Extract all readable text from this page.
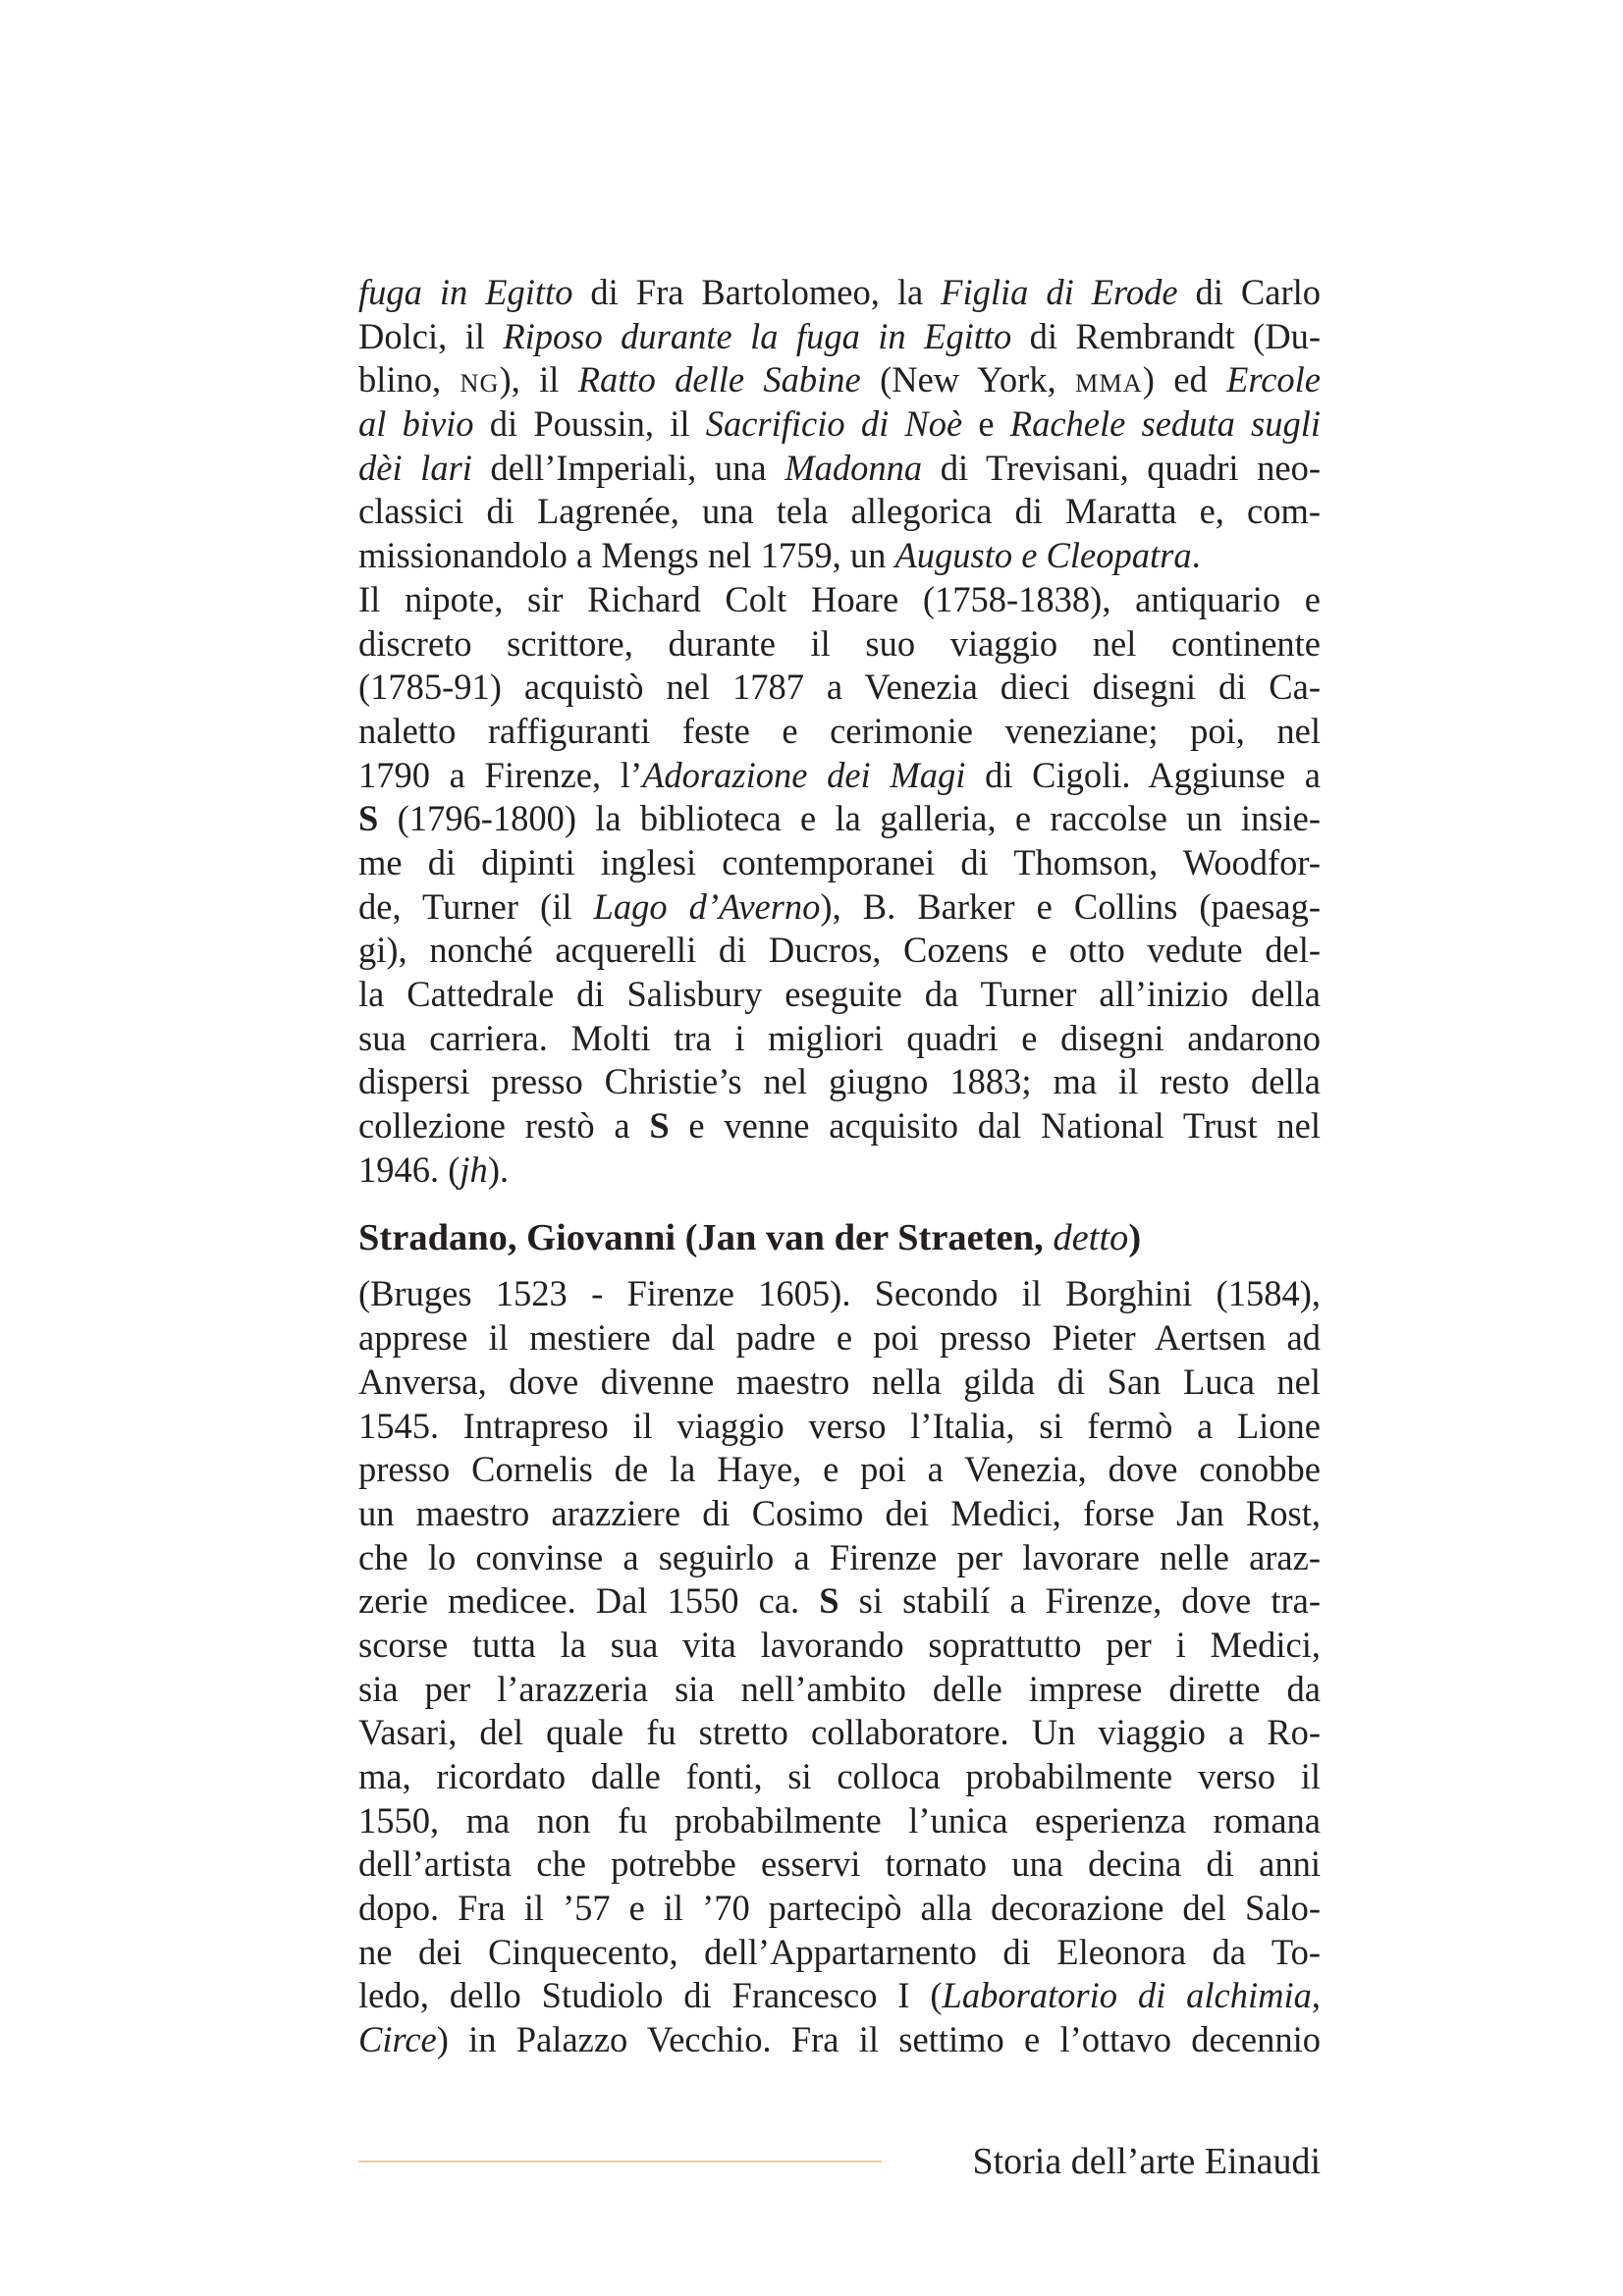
fuga in Egitto di Fra Bartolomeo, la Figlia di Erode di Carlo
Dolci, il Riposo durante la fuga in Egitto di Rembrandt (Du-
blino, NG), il Ratto delle Sabine (New York, MMA) ed Ercole
al bivio di Poussin, il Sacrificio di Noè e Rachele seduta sugli
dèi lari dell’Imperiali, una Madonna di Trevisani, quadri neo-
classici di Lagrenée, una tela allegorica di Maratta e, com-
missionandolo a Mengs nel 1759, un Augusto e Cleopatra.
Il nipote, sir Richard Colt Hoare (1758-1838), antiquario e
discreto scrittore, durante il suo viaggio nel continente
(1785-91) acquistò nel 1787 a Venezia dieci disegni di Ca-
naletto raffiguranti feste e cerimonie veneziane; poi, nel
1790 a Firenze, l’Adorazione dei Magi di Cigoli. Aggiunse a
S (1796-1800) la biblioteca e la galleria, e raccolse un insie-
me di dipinti inglesi contemporanei di Thomson, Woodfor-
de, Turner (il Lago d’Averno), B. Barker e Collins (paesag-
gi), nonché acquerelli di Ducros, Cozens e otto vedute del-
la Cattedrale di Salisbury eseguite da Turner all’inizio della
sua carriera. Molti tra i migliori quadri e disegni andarono
dispersi presso Christie’s nel giugno 1883; ma il resto della
collezione restò a S e venne acquisito dal National Trust nel
1946. (jh).
Stradano, Giovanni (Jan van der Straeten, detto)
(Bruges 1523 - Firenze 1605). Secondo il Borghini (1584),
apprese il mestiere dal padre e poi presso Pieter Aertsen ad
Anversa, dove divenne maestro nella gilda di San Luca nel
1545. Intrapreso il viaggio verso l’Italia, si fermò a Lione
presso Cornelis de la Haye, e poi a Venezia, dove conobbe
un maestro arazziere di Cosimo dei Medici, forse Jan Rost,
che lo convinse a seguirlo a Firenze per lavorare nelle araz-
zerie medicee. Dal 1550 ca. S si stabilí a Firenze, dove tra-
scorse tutta la sua vita lavorando soprattutto per i Medici,
sia per l’arazzeria sia nell’ambito delle imprese dirette da
Vasari, del quale fu stretto collaboratore. Un viaggio a Ro-
ma, ricordato dalle fonti, si colloca probabilmente verso il
1550, ma non fu probabilmente l’unica esperienza romana
dell’artista che potrebbe esservi tornato una decina di anni
dopo. Fra il ’57 e il ’70 partecipò alla decorazione del Salo-
ne dei Cinquecento, dell’Appartarnento di Eleonora da To-
ledo, dello Studiolo di Francesco I (Laboratorio di alchimia,
Circe) in Palazzo Vecchio. Fra il settimo e l’ottavo decennio
Storia dell’arte Einaudi
